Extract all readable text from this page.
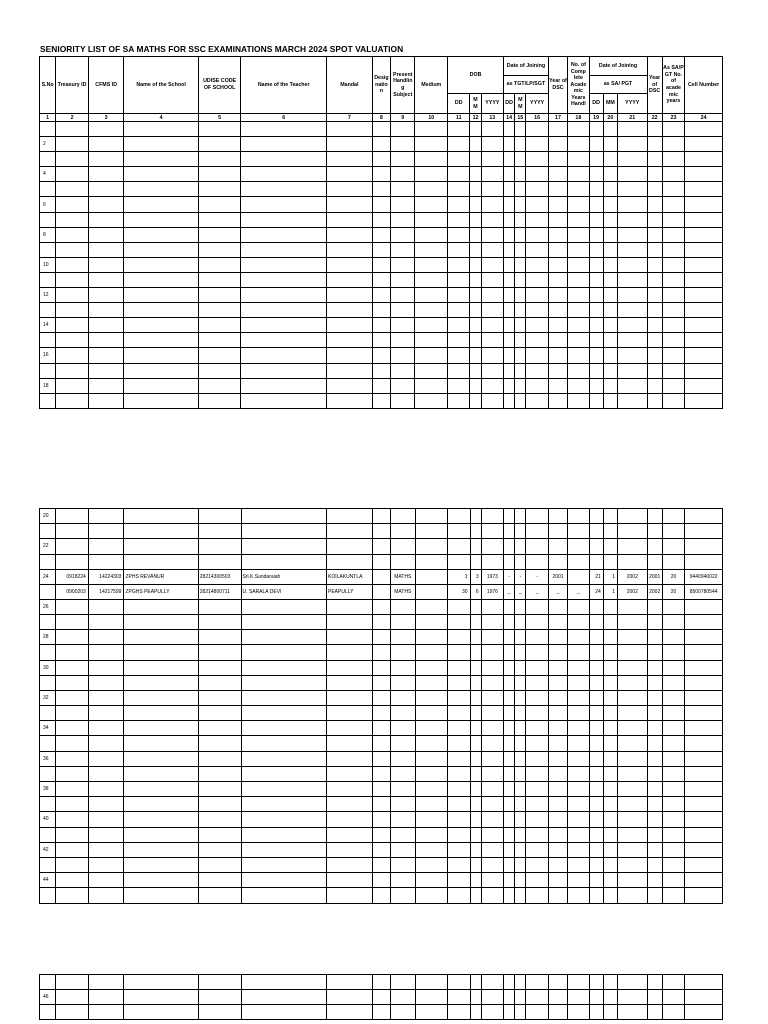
SENIORITY LIST OF SA MATHS FOR SSC EXAMINATIONS MARCH 2024 SPOT VALUATION
S.No	Treasury ID	CFMS ID	Name of the School	UDISE CODE OF SCHOOL	Name of the Teacher	Mandal	Desig natio n	Present Handlin g Subject	Medium	DOB			Date of Joining			Year of DSC	No. of Comp lete Acade mic Years Handl	Date of Joining			Year of DSC	As SA/P GT No. of acade mic years	Cell Number
													as TGT/LP/SGT					as SA/ PGT					
										DD	M M	YYYY	DD	M M	YYYY			DD	MM	YYYY			
1	2	3	4	5	6	7	8	9	10	11	12	13	14	15	16	17	18	19	20	21	22	23	24

2																							

4																							

6																							

8																							

10																							

12																							

14																							

16																							

18																							

20																							

22																							

24	0918224	14224303	ZPHS REVANUR	28214300503	Sri.K.Sundaraiah	KOILAKUNTLA		MATHS		1	3	1973	-	-	-	2001		21	1	2002	2001	20	9440940022
	0900203	14217599	ZPGHS PEAPULLY	28214800711	U. SARALA DEVI	PEAPULLY		MATHS		30	6	1976	_	_	_	_	_	24	1	2002	2002	20	8500780544
26																							

28																							

30																							

32																							

34																							

36																							

38																							

40																							

42																							

44																							

46																							
